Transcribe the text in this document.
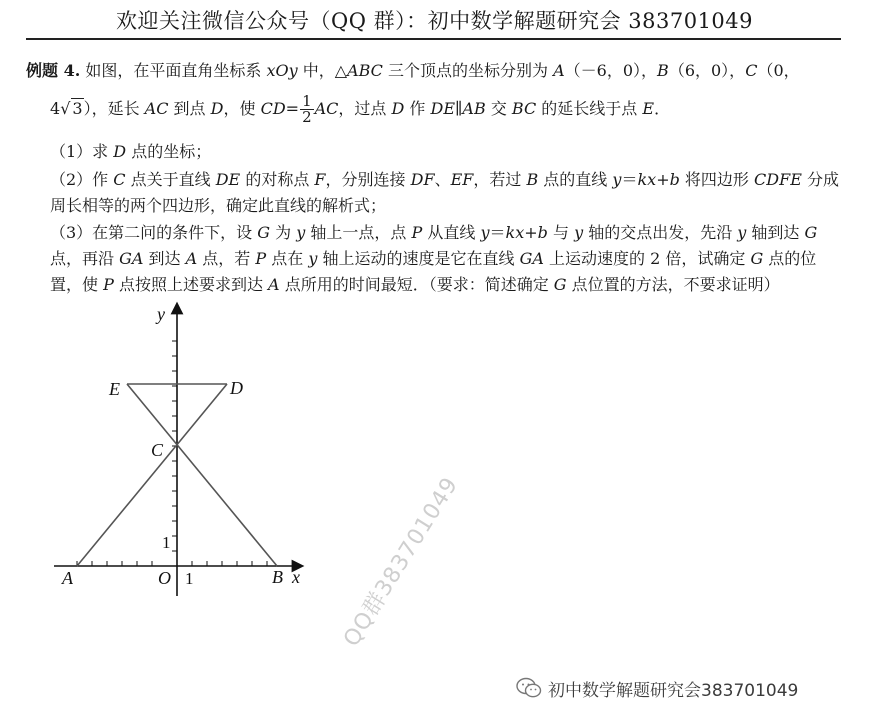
欢迎关注微信公众号（QQ 群）：初中数学解题研究会 383701049
例题 4. 如图，在平面直角坐标系 xOy 中，△ABC 三个顶点的坐标分别为 A（－6，0），B（6，0），C（0，
4√ 3），延长 AC 到点 D，使 $CD= \frac{1}{2}$ AC，过点 D 作 DE∥AB 交 BC 的延长线于点 E．
（1）求 D 点的坐标；
（2）作 C 点关于直线 DE 的对称点 F，分别连接 DF、EF，若过 B 点的直线 y＝kx+b 将四边形 CDFE 分成周长相等的两个四边形，确定此直线的解析式；
（3）在第二问的条件下，设 G 为 y 轴上一点，点 P 从直线 y＝kx+b 与 y 轴的交点出发，先沿 y 轴到达 G 点，再沿 GA 到达 A 点，若 P 点在 y 轴上运动的速度是它在直线 GA 上运动速度的 2 倍，试确定 G 点的位置，使 P 点按照上述要求到达 A 点所用的时间最短．（要求：简述确定 G 点位置的方法，不要求证明）
y
x
O 1
1
A	B
C
D
E
QQ群383701049
初中数学解题研究会383701049
